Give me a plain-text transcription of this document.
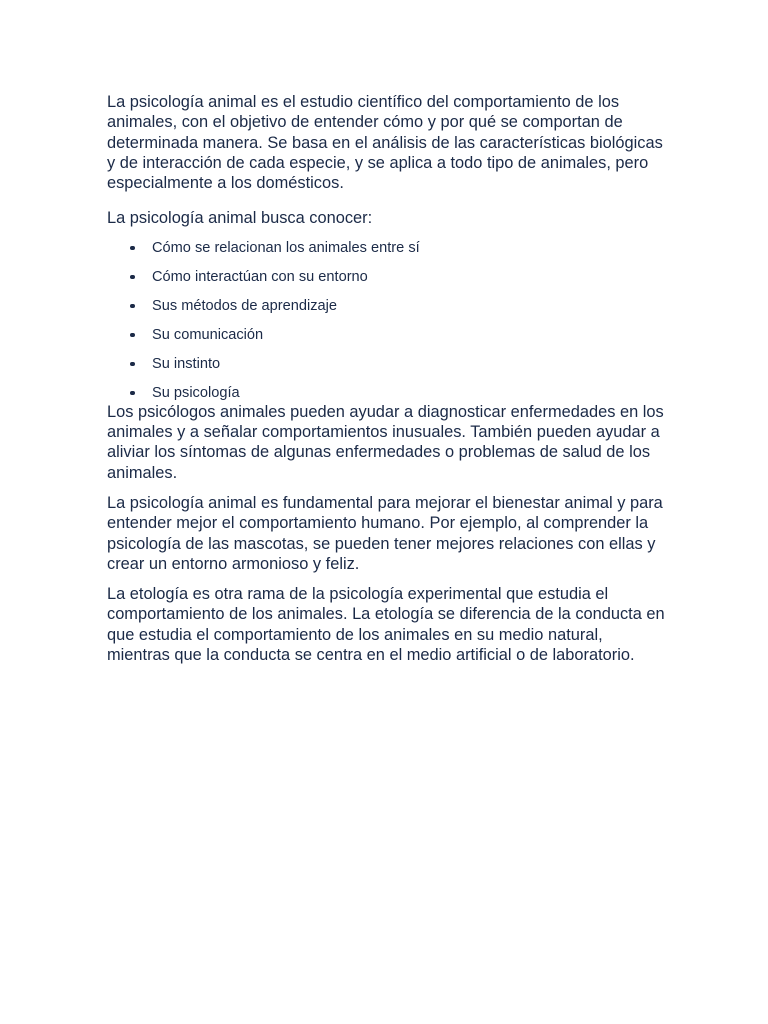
La psicología animal es el estudio científico del comportamiento de los animales, con el objetivo de entender cómo y por qué se comportan de determinada manera. Se basa en el análisis de las características biológicas y de interacción de cada especie, y se aplica a todo tipo de animales, pero especialmente a los domésticos.

La psicología animal busca conocer:

Cómo se relacionan los animales entre sí
Cómo interactúan con su entorno
Sus métodos de aprendizaje
Su comunicación
Su instinto
Su psicología

Los psicólogos animales pueden ayudar a diagnosticar enfermedades en los animales y a señalar comportamientos inusuales. También pueden ayudar a aliviar los síntomas de algunas enfermedades o problemas de salud de los animales.

La psicología animal es fundamental para mejorar el bienestar animal y para entender mejor el comportamiento humano. Por ejemplo, al comprender la psicología de las mascotas, se pueden tener mejores relaciones con ellas y crear un entorno armonioso y feliz.

La etología es otra rama de la psicología experimental que estudia el comportamiento de los animales. La etología se diferencia de la conducta en que estudia el comportamiento de los animales en su medio natural, mientras que la conducta se centra en el medio artificial o de laboratorio.
